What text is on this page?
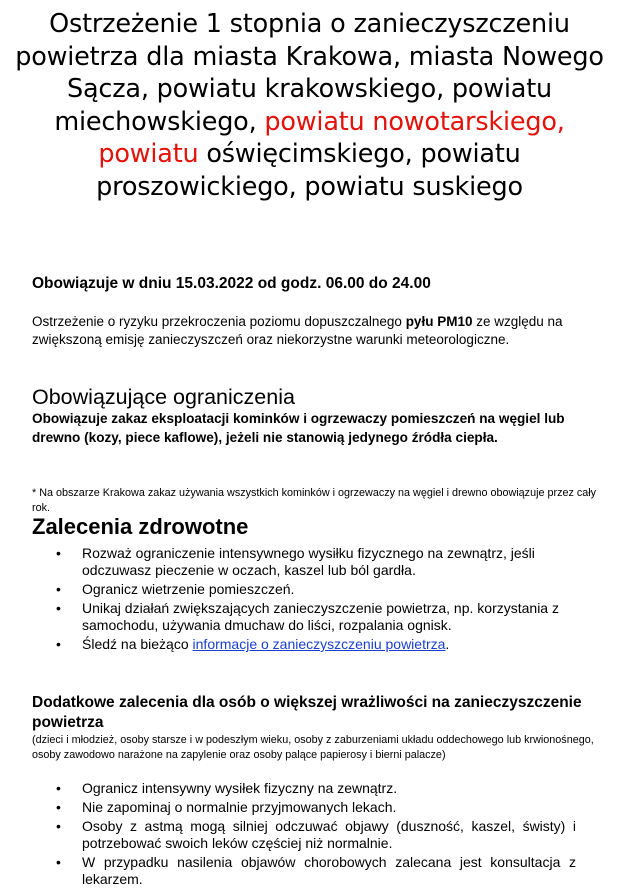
Ostrzeżenie 1 stopnia o zanieczyszczeniu powietrza dla miasta Krakowa, miasta Nowego Sącza, powiatu krakowskiego, powiatu miechowskiego, powiatu nowotarskiego, powiatu oświęcimskiego, powiatu proszowickiego, powiatu suskiego
Obowiązuje w dniu 15.03.2022 od godz. 06.00 do 24.00
Ostrzeżenie o ryzyku przekroczenia poziomu dopuszczalnego pyłu PM10 ze względu na zwiększoną emisję zanieczyszczeń oraz niekorzystne warunki meteorologiczne.
Obowiązujące ograniczenia
Obowiązuje zakaz eksploatacji kominków i ogrzewaczy pomieszczeń na węgiel lub drewno (kozy, piece kaflowe), jeżeli nie stanowią jedynego źródła ciepła.
* Na obszarze Krakowa zakaz używania wszystkich kominków i ogrzewaczy na węgiel i drewno obowiązuje przez cały rok.
Zalecenia zdrowotne
• Rozważ ograniczenie intensywnego wysiłku fizycznego na zewnątrz, jeśli odczuwasz pieczenie w oczach, kaszel lub ból gardła.
• Ogranicz wietrzenie pomieszczeń.
• Unikaj działań zwiększających zanieczyszczenie powietrza, np. korzystania z samochodu, używania dmuchaw do liści, rozpalania ognisk.
• Śledź na bieżąco informacje o zanieczyszczeniu powietrza.
Dodatkowe zalecenia dla osób o większej wrażliwości na zanieczyszczenie powietrza
(dzieci i młodzież, osoby starsze i w podeszłym wieku, osoby z zaburzeniami układu oddechowego lub krwionośnego, osoby zawodowo narażone na zapylenie oraz osoby palące papierosy i bierni palacze)
• Ogranicz intensywny wysiłek fizyczny na zewnątrz.
• Nie zapominaj o normalnie przyjmowanych lekach.
• Osoby z astmą mogą silniej odczuwać objawy (duszność, kaszel, świsty) i potrzebować swoich leków częściej niż normalnie.
• W przypadku nasilenia objawów chorobowych zalecana jest konsultacja z lekarzem.
